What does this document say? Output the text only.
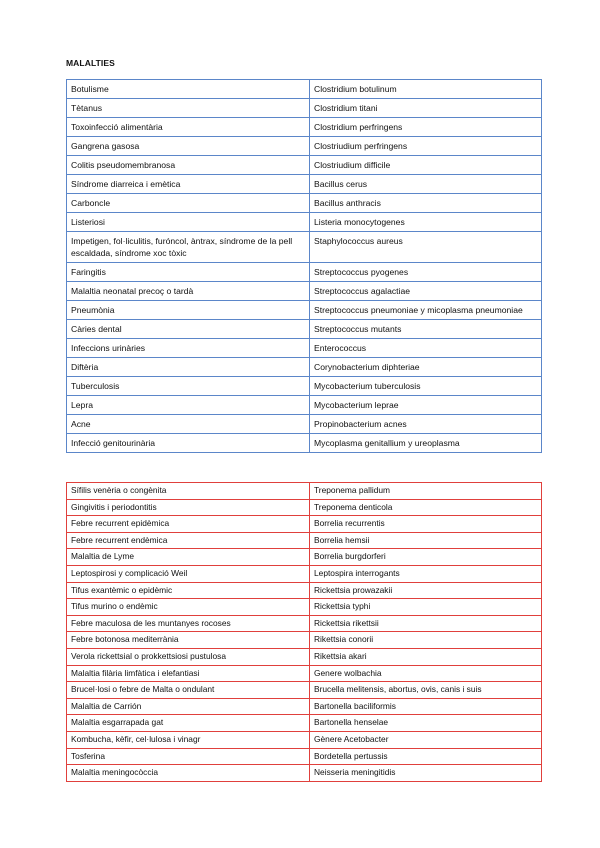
MALALTIES
Botulisme	Clostridium botulinum
Tètanus	Clostridium titani
Toxoinfecció alimentària	Clostridium perfringens
Gangrena gasosa	Clostriudium perfringens
Colitis pseudomembranosa	Clostriudium difficile
Síndrome diarreica i emètica	Bacillus cerus
Carboncle	Bacillus anthracis
Listeriosi	Listeria monocytogenes
Impetigen, fol·liculitis, furóncol, àntrax, síndrome de la pell escaldada, síndrome xoc tòxic	Staphylococcus aureus
Faringitis	Streptococcus pyogenes
Malaltia neonatal precoç o tardà	Streptococcus agalactiae
Pneumònia	Streptococcus pneumoniae y micoplasma pneumoniae
Càries dental	Streptococcus mutants
Infeccions urinàries	Enterococcus
Diftèria	Corynobacterium diphteriae
Tuberculosis	Mycobacterium tuberculosis
Lepra	Mycobacterium leprae
Acne	Propinobacterium acnes
Infecció genitourinària	Mycoplasma genitallium y ureoplasma
Sífilis venèria o congènita	Treponema pallidum
Gingivitis i periodontitis	Treponema denticola
Febre recurrent epidèmica	Borrelia recurrentis
Febre recurrent endèmica	Borrelia hemsii
Malaltia de Lyme	Borrelia burgdorferi
Leptospirosi y complicació Weil	Leptospira interrogants
Tifus exantèmic o epidèmic	Rickettsia prowazakii
Tifus murino o endèmic	Rickettsia typhi
Febre maculosa de les muntanyes rocoses	Rickettsia rikettsii
Febre botonosa mediterrània	Rikettsia conorii
Verola rickettsial o prokkettsiosi pustulosa	Rikettsia akari
Malaltia filària limfàtica i elefantiasi	Genere wolbachia
Brucel·losi o febre de Malta o ondulant	Brucella melitensis, abortus, ovis, canis i suis
Malaltia de Carrión	Bartonella baciliformis
Malaltia esgarrapada gat	Bartonella henselae
Kombucha, kèfir, cel·lulosa i vinagr	Gènere Acetobacter
Tosferina	Bordetella pertussis
Malaltia meningocòccia	Neisseria meningitidis
